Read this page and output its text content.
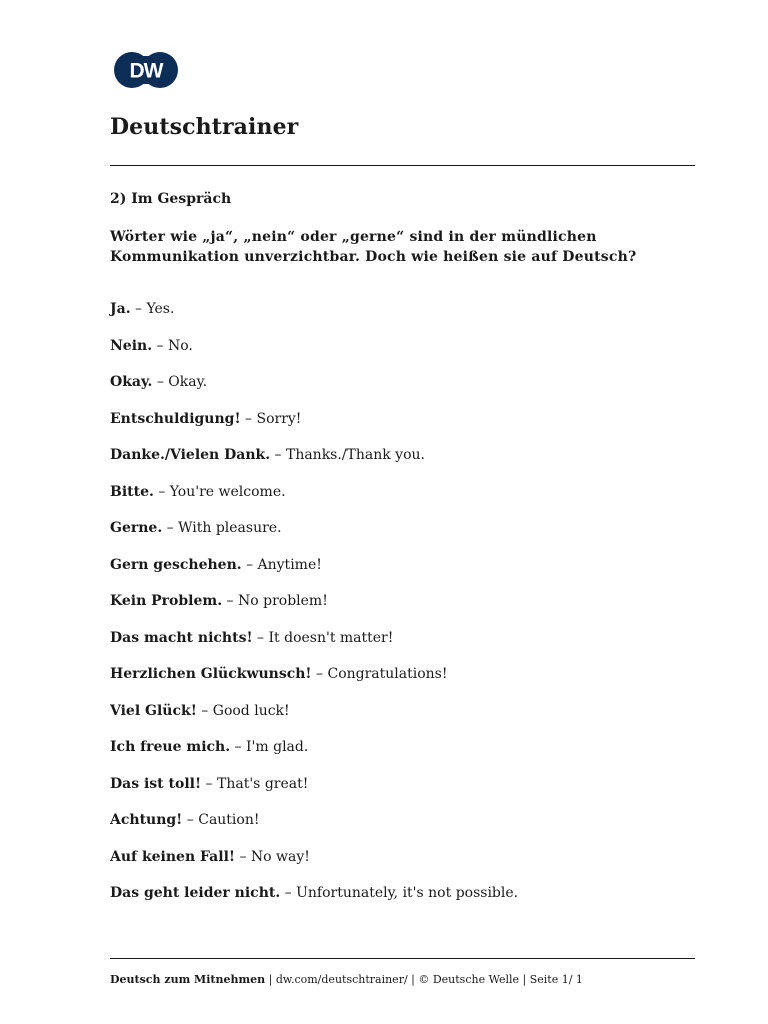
DW
Deutschtrainer
2) Im Gespräch
Wörter wie „ja“, „nein“ oder „gerne“ sind in der mündlichen
Kommunikation unverzichtbar. Doch wie heißen sie auf Deutsch?
Ja. – Yes.
Nein. – No.
Okay. – Okay.
Entschuldigung! – Sorry!
Danke./Vielen Dank. – Thanks./Thank you.
Bitte. – You're welcome.
Gerne. – With pleasure.
Gern geschehen. – Anytime!
Kein Problem. – No problem!
Das macht nichts! – It doesn't matter!
Herzlichen Glückwunsch! – Congratulations!
Viel Glück! – Good luck!
Ich freue mich. – I'm glad.
Das ist toll! – That's great!
Achtung! – Caution!
Auf keinen Fall! – No way!
Das geht leider nicht. – Unfortunately, it's not possible.
Deutsch zum Mitnehmen | dw.com/deutschtrainer/ | © Deutsche Welle | Seite 1/ 1
